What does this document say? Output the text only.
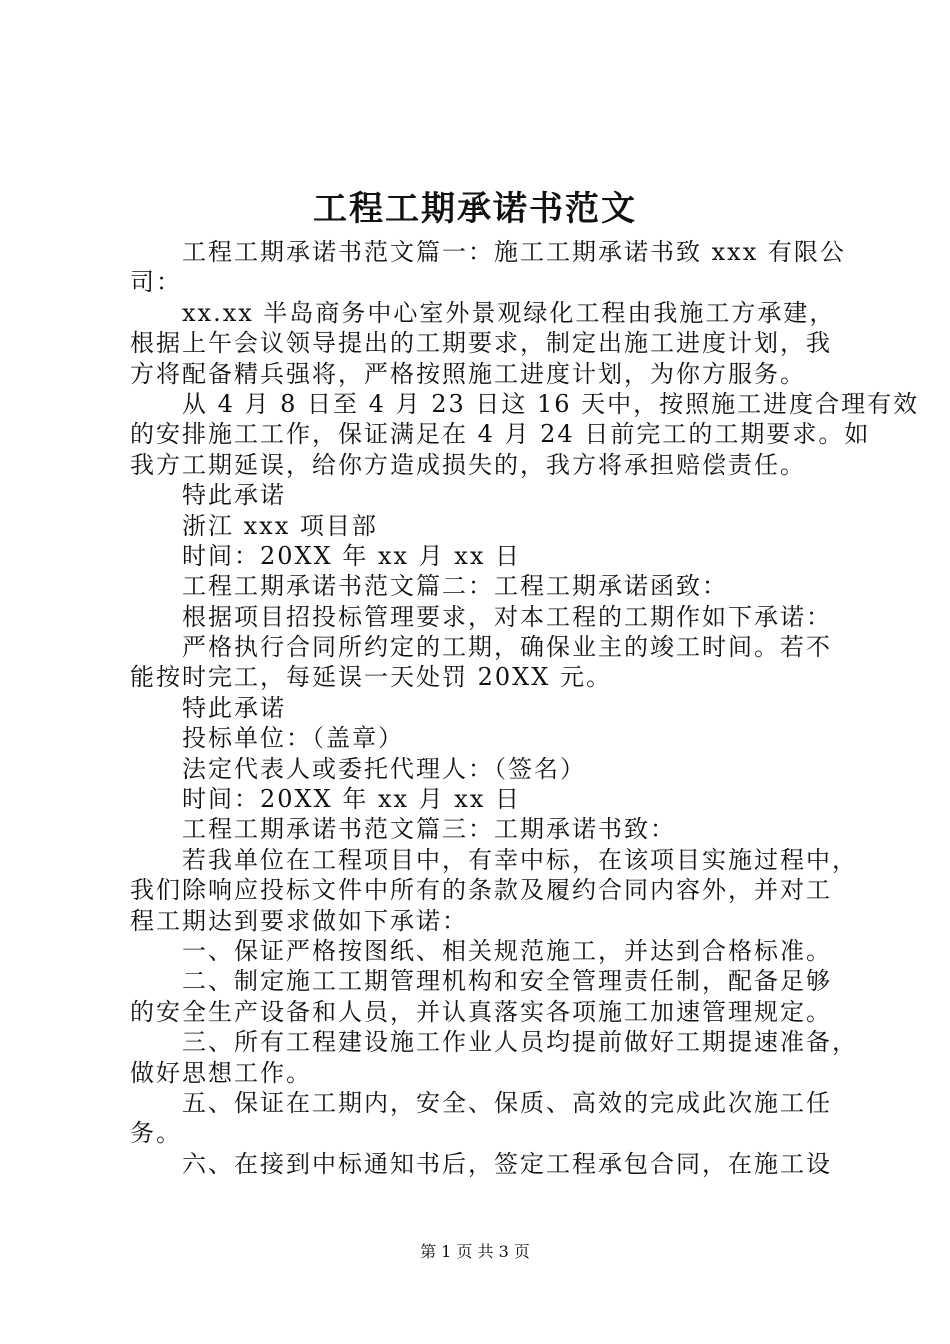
工程工期承诺书范文
工程工期承诺书范文篇一：施工工期承诺书致 xxx 有限公
司：
xx.xx 半岛商务中心室外景观绿化工程由我施工方承建，
根据上午会议领导提出的工期要求，制定出施工进度计划，我
方将配备精兵强将，严格按照施工进度计划，为你方服务。
从 4 月 8 日至 4 月 23 日这 16 天中，按照施工进度合理有效
的安排施工工作，保证满足在 4 月 24 日前完工的工期要求。如
我方工期延误，给你方造成损失的，我方将承担赔偿责任。
特此承诺
浙江 xxx 项目部
时间：20XX 年 xx 月 xx 日
工程工期承诺书范文篇二：工程工期承诺函致：
根据项目招投标管理要求，对本工程的工期作如下承诺：
严格执行合同所约定的工期，确保业主的竣工时间。若不
能按时完工，每延误一天处罚 20XX 元。
特此承诺
投标单位：（盖章）
法定代表人或委托代理人：（签名）
时间：20XX 年 xx 月 xx 日
工程工期承诺书范文篇三：工期承诺书致：
若我单位在工程项目中，有幸中标，在该项目实施过程中，
我们除响应投标文件中所有的条款及履约合同内容外，并对工
程工期达到要求做如下承诺：
一、保证严格按图纸、相关规范施工，并达到合格标准。
二、制定施工工期管理机构和安全管理责任制，配备足够
的安全生产设备和人员，并认真落实各项施工加速管理规定。
三、所有工程建设施工作业人员均提前做好工期提速准备，
做好思想工作。
五、保证在工期内，安全、保质、高效的完成此次施工任
务。
六、在接到中标通知书后，签定工程承包合同，在施工设
第 1 页 共 3 页
